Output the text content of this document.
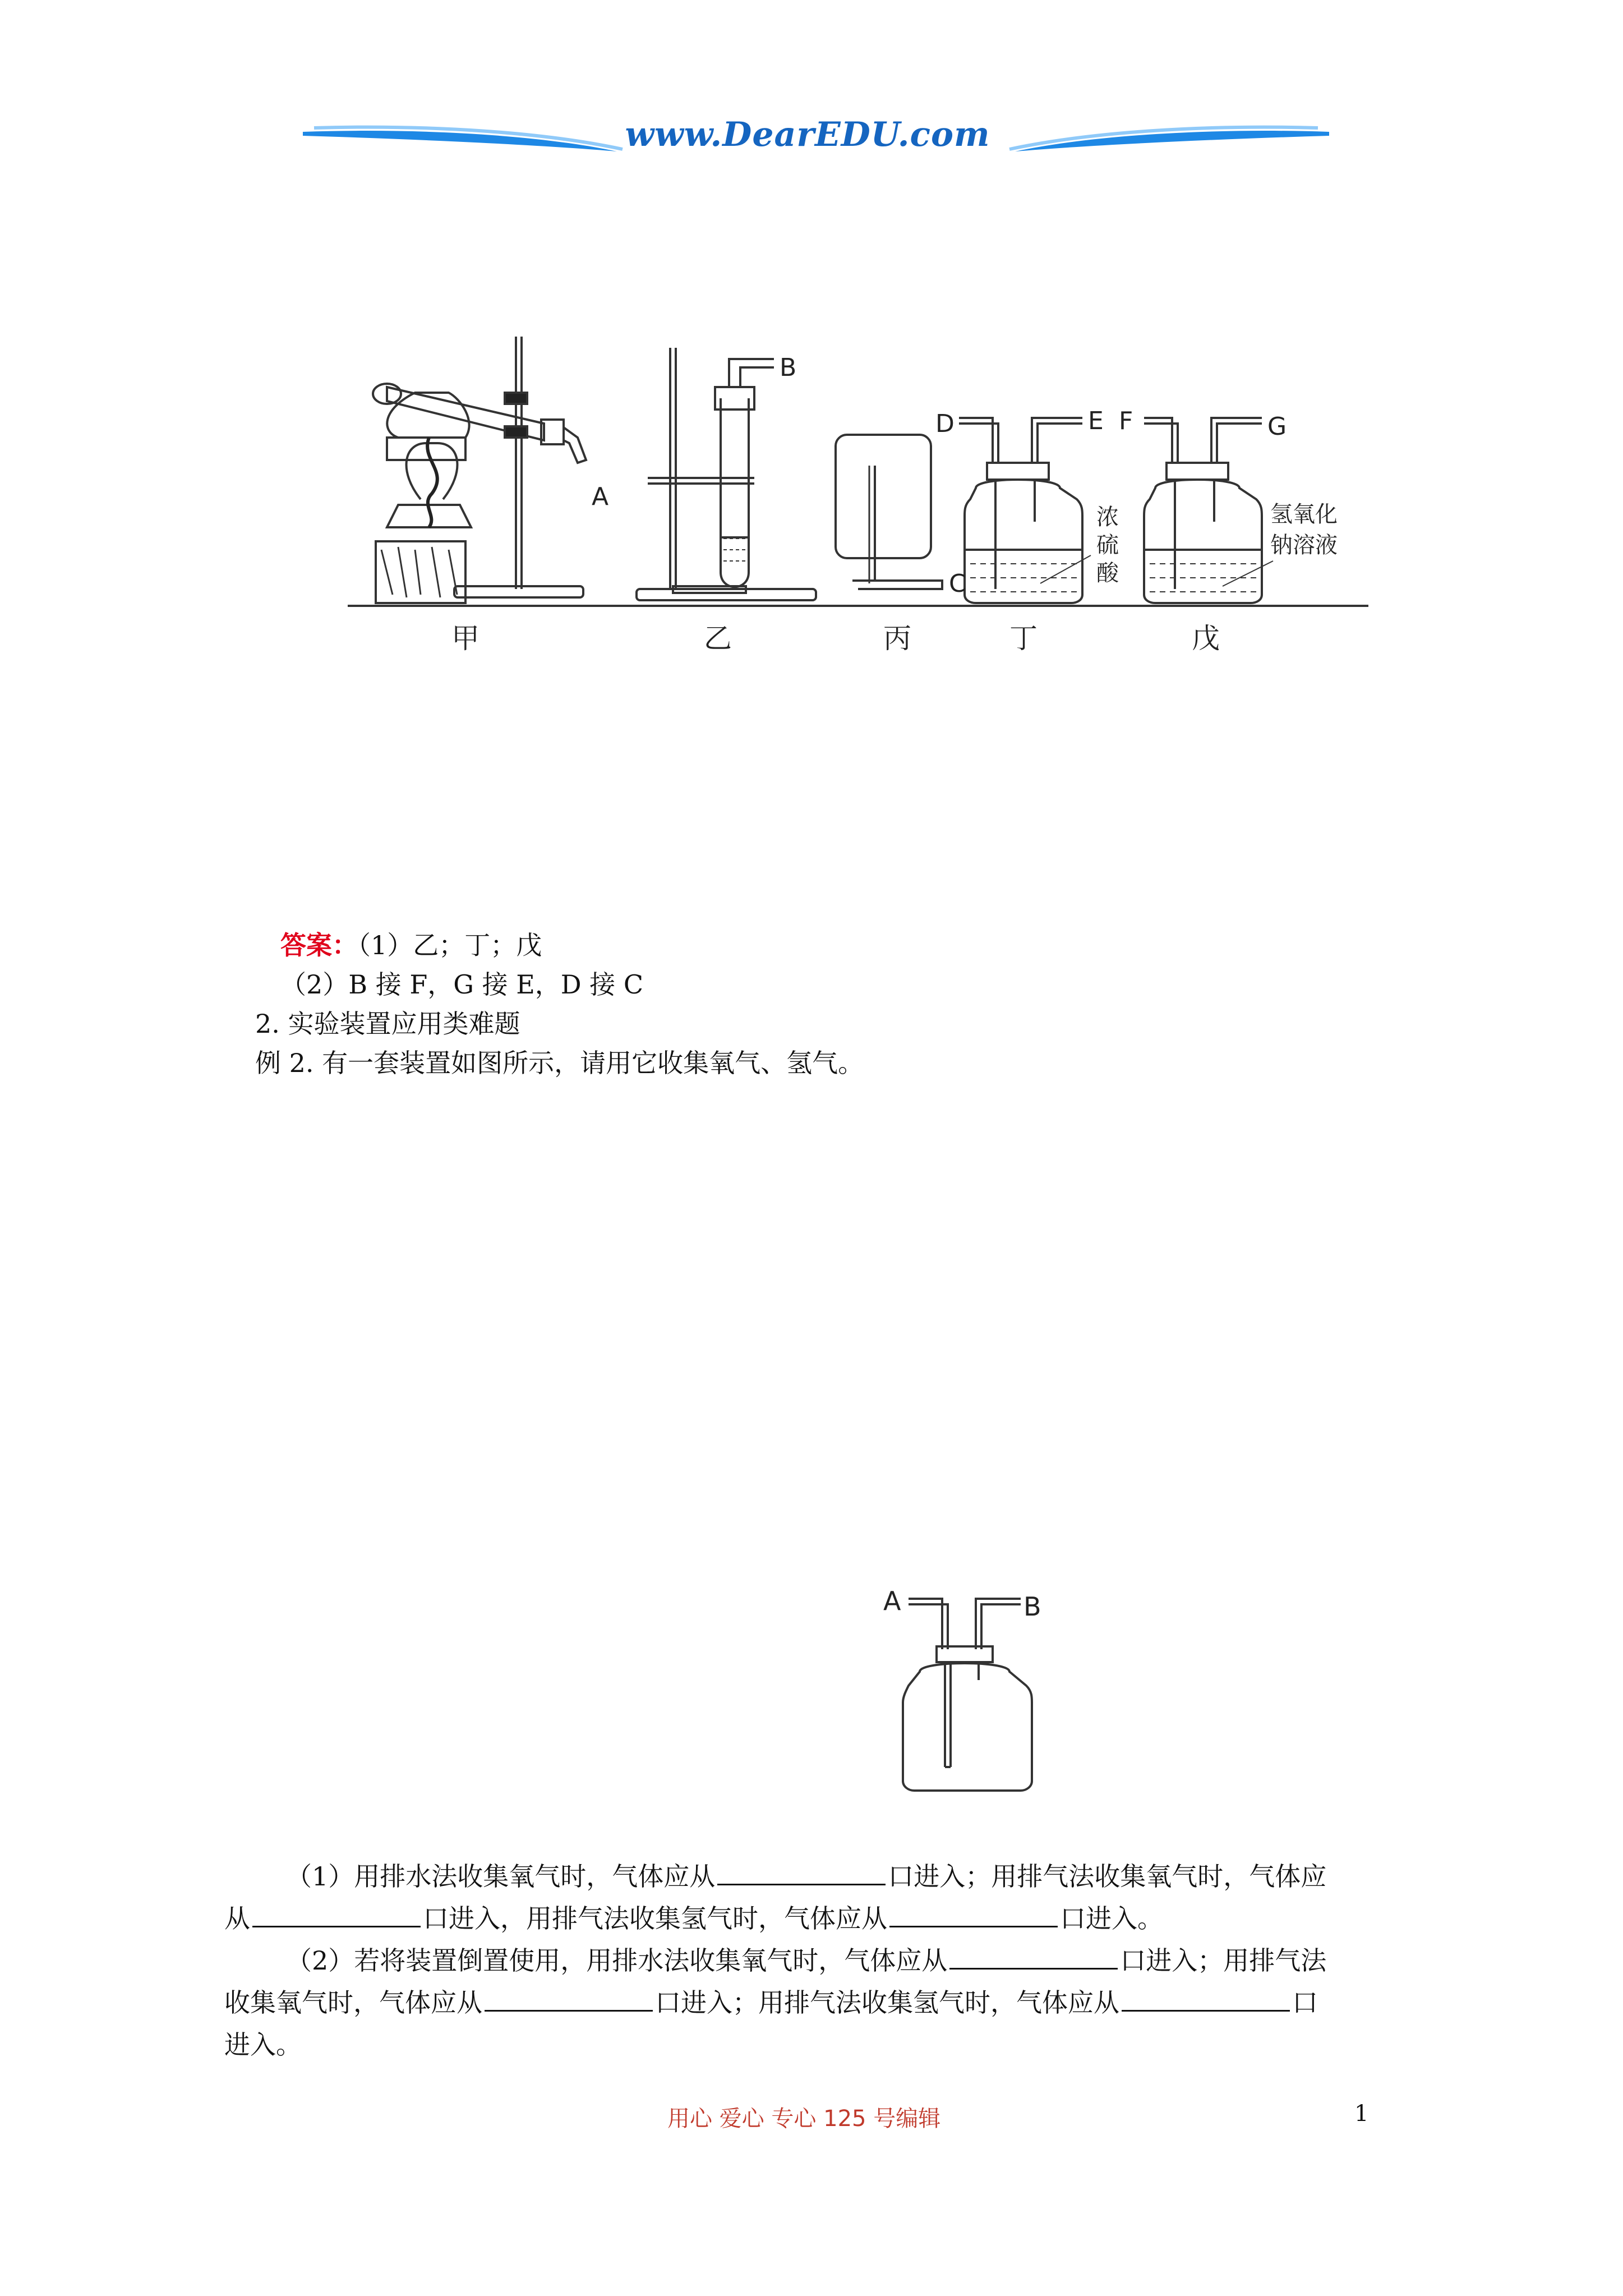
www.DearEDU.com
A
B
C
D	E F	G
浓
硫
酸
氢氧化
钠溶液
甲	乙	丙	丁	戊
答案：（1）乙；丁；戊
（2）B 接 F，G 接 E，D 接 C
2. 实验装置应用类难题
例 2. 有一套装置如图所示，请用它收集氧气、氢气。
A	B
（1）用排水法收集氧气时，气体应从	口进入；用排气法收集氧气时，气体应
从	口进入，用排气法收集氢气时，气体应从	口进入。
（2）若将装置倒置使用，用排水法收集氧气时，气体应从	口进入；用排气法
收集氧气时，气体应从	口进入；用排气法收集氢气时，气体应从	口
进入。
用心 爱心 专心 125 号编辑	1
